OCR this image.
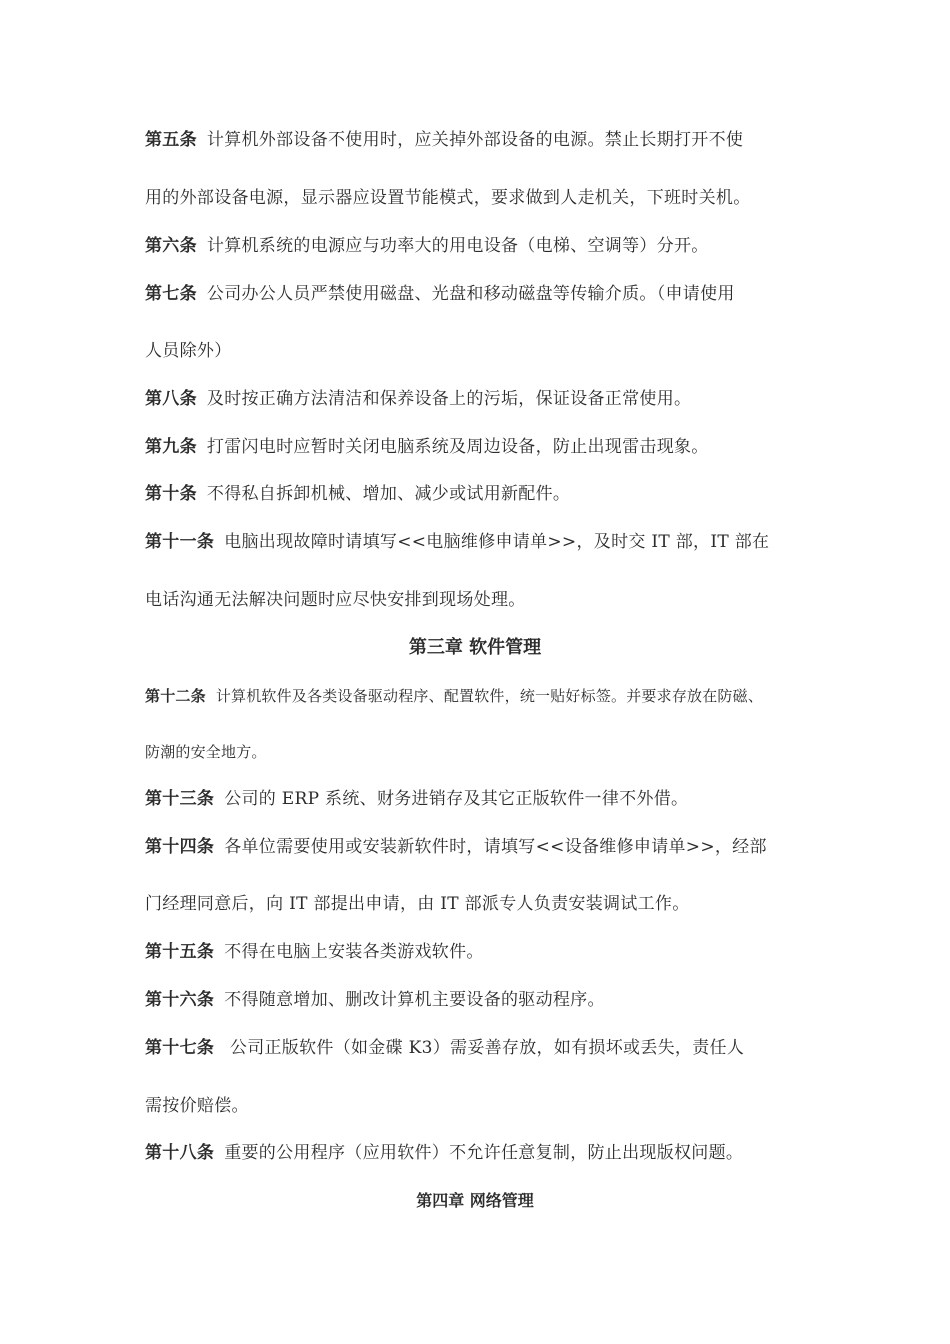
第五条 计算机外部设备不使用时，应关掉外部设备的电源。禁止长期打开不使
用的外部设备电源，显示器应设置节能模式，要求做到人走机关，下班时关机。
第六条 计算机系统的电源应与功率大的用电设备（电梯、空调等）分开。
第七条 公司办公人员严禁使用磁盘、光盘和移动磁盘等传输介质。（申请使用
人员除外）
第八条 及时按正确方法清洁和保养设备上的污垢，保证设备正常使用。
第九条 打雷闪电时应暂时关闭电脑系统及周边设备，防止出现雷击现象。
第十条 不得私自拆卸机械、增加、减少或试用新配件。
第十一条 电脑出现故障时请填写<<电脑维修申请单>>，及时交 IT 部，IT 部在
电话沟通无法解决问题时应尽快安排到现场处理。
第三章 软件管理
第十二条 计算机软件及各类设备驱动程序、配置软件，统一贴好标签。并要求存放在防磁、
防潮的安全地方。
第十三条 公司的 ERP 系统、财务进销存及其它正版软件一律不外借。
第十四条 各单位需要使用或安装新软件时，请填写<<设备维修申请单>>，经部
门经理同意后，向 IT 部提出申请，由 IT 部派专人负责安装调试工作。
第十五条 不得在电脑上安装各类游戏软件。
第十六条 不得随意增加、删改计算机主要设备的驱动程序。
第十七条 公司正版软件（如金碟 K3）需妥善存放，如有损坏或丢失，责任人
需按价赔偿。
第十八条 重要的公用程序（应用软件）不允许任意复制，防止出现版权问题。
第四章 网络管理
